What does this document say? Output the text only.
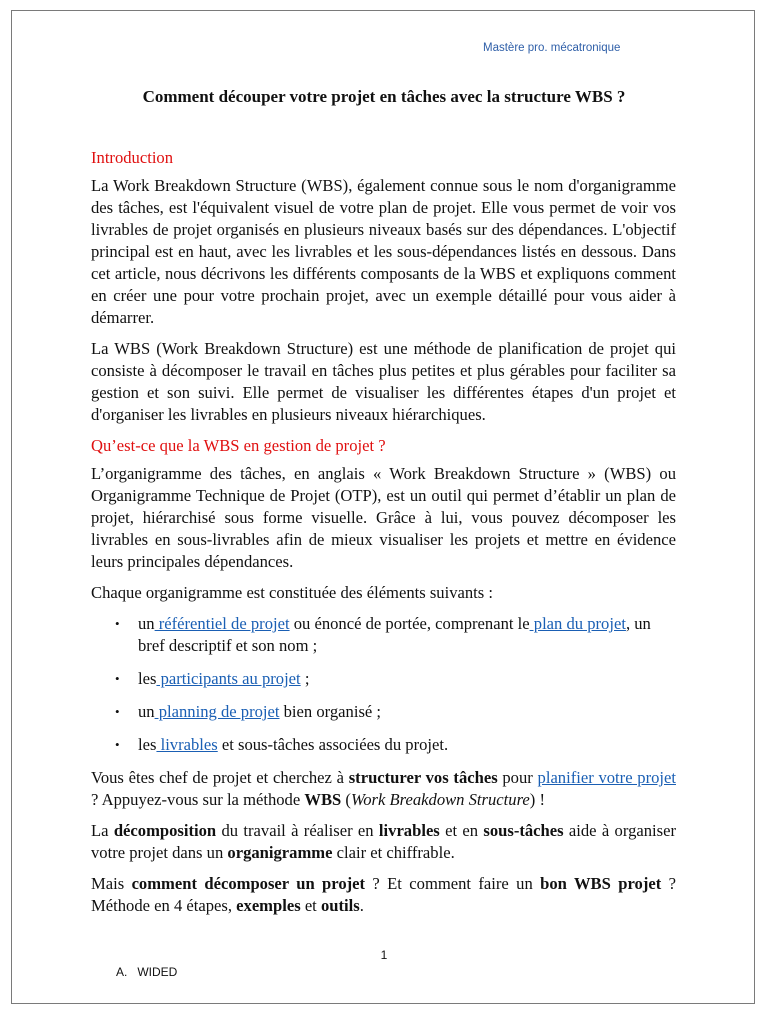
Mastère pro. mécatronique
Comment découper votre projet en tâches avec la structure WBS ?
Introduction

La Work Breakdown Structure (WBS), également connue sous le nom d'organigramme des tâches, est l'équivalent visuel de votre plan de projet. Elle vous permet de voir vos livrables de projet organisés en plusieurs niveaux basés sur des dépendances. L'objectif principal est en haut, avec les livrables et les sous-dépendances listés en dessous. Dans cet article, nous décrivons les différents composants de la WBS et expliquons comment en créer une pour votre prochain projet, avec un exemple détaillé pour vous aider à démarrer.

La WBS (Work Breakdown Structure) est une méthode de planification de projet qui consiste à décomposer le travail en tâches plus petites et plus gérables pour faciliter sa gestion et son suivi. Elle permet de visualiser les différentes étapes d'un projet et d'organiser les livrables en plusieurs niveaux hiérarchiques.

Qu’est-ce que la WBS en gestion de projet ?

L’organigramme des tâches, en anglais « Work Breakdown Structure » (WBS) ou Organigramme Technique de Projet (OTP), est un outil qui permet d’établir un plan de projet, hiérarchisé sous forme visuelle. Grâce à lui, vous pouvez décomposer les livrables en sous-livrables afin de mieux visualiser les projets et mettre en évidence leurs principales dépendances.

Chaque organigramme est constituée des éléments suivants :

• un référentiel de projet ou énoncé de portée, comprenant le plan du projet, un bref descriptif et son nom ;
• les participants au projet ;
• un planning de projet bien organisé ;
• les livrables et sous-tâches associées du projet.

Vous êtes chef de projet et cherchez à structurer vos tâches pour planifier votre projet ? Appuyez-vous sur la méthode WBS (Work Breakdown Structure) !

La décomposition du travail à réaliser en livrables et en sous-tâches aide à organiser votre projet dans un organigramme clair et chiffrable.

Mais comment décomposer un projet ? Et comment faire un bon WBS projet ? Méthode en 4 étapes, exemples et outils.

1
A.   WIDED
